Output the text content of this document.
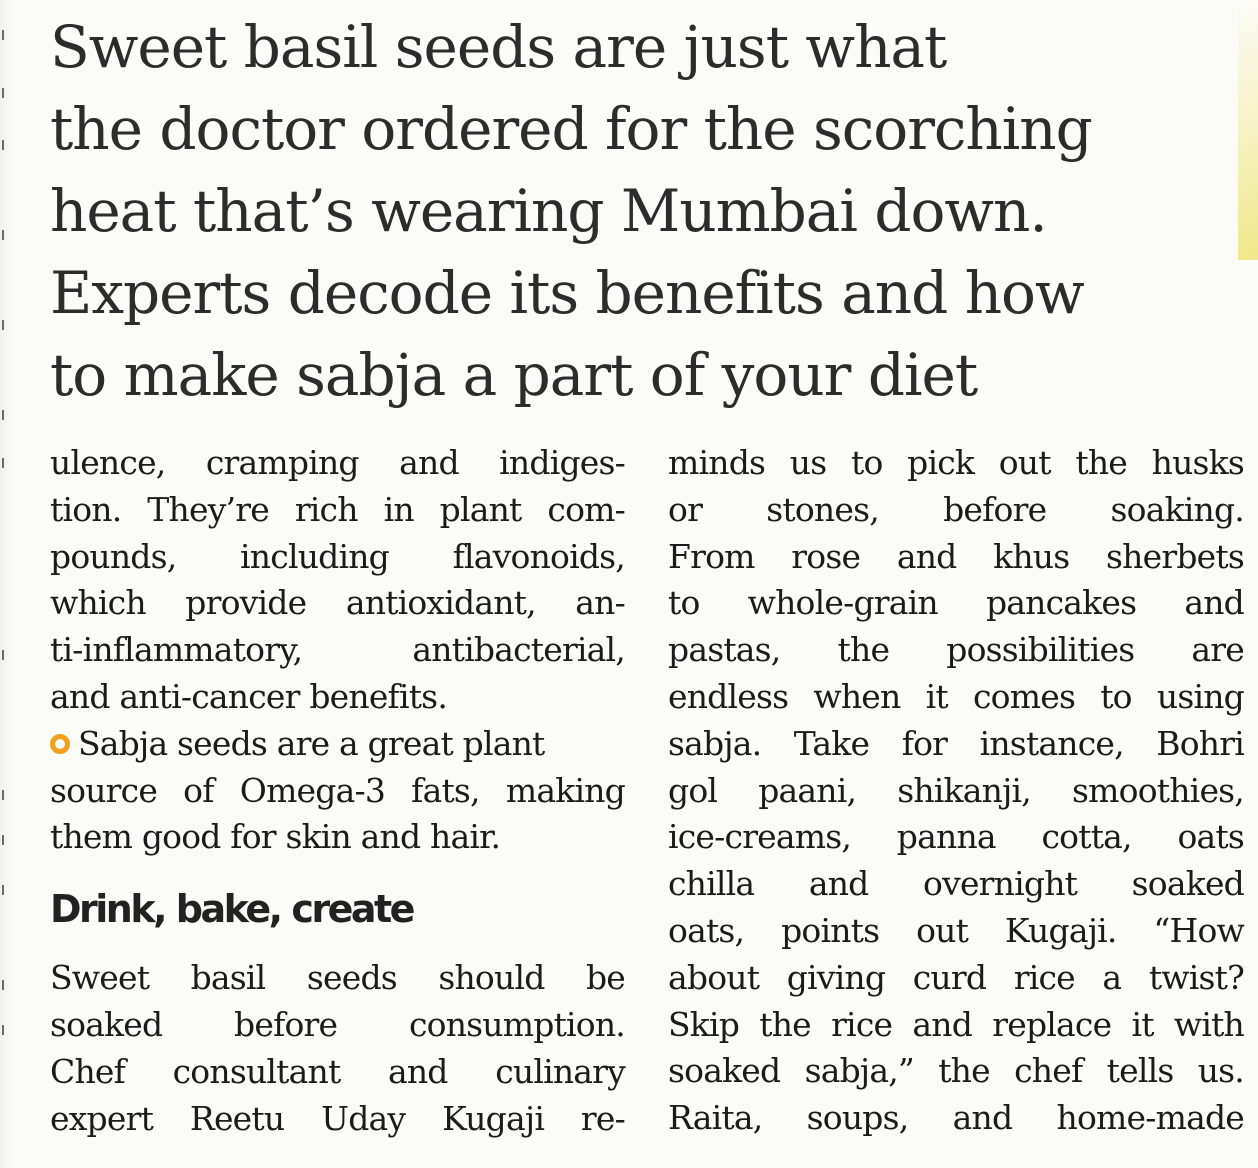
Sweet basil seeds are just what
the doctor ordered for the scorching
heat that’s wearing Mumbai down.
Experts decode its benefits and how
to make sabja a part of your diet
ulence, cramping and indiges-
tion. They’re rich in plant com-
pounds, including flavonoids,
which provide antioxidant, an-
ti-inflammatory, antibacterial,
and anti-cancer benefits.
Sabja seeds are a great plant
source of Omega-3 fats, making
them good for skin and hair.
Drink, bake, create
Sweet basil seeds should be
soaked before consumption.
Chef consultant and culinary
expert Reetu Uday Kugaji re-
minds us to pick out the husks
or stones, before soaking.
From rose and khus sherbets
to whole-grain pancakes and
pastas, the possibilities are
endless when it comes to using
sabja. Take for instance, Bohri
gol paani, shikanji, smoothies,
ice-creams, panna cotta, oats
chilla and overnight soaked
oats, points out Kugaji. “How
about giving curd rice a twist?
Skip the rice and replace it with
soaked sabja,” the chef tells us.
Raita, soups, and home-made
